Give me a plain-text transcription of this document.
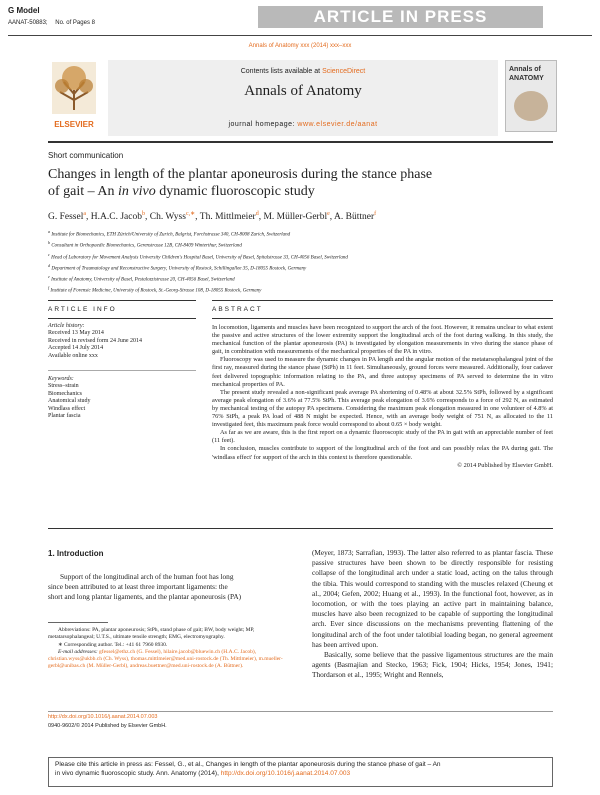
G Model
AANAT-50883; No. of Pages 8	ARTICLE IN PRESS
Annals of Anatomy xxx (2014) xxx–xxx
ELSEVIER
Contents lists available at ScienceDirect
Annals of Anatomy
journal homepage: www.elsevier.de/aanat
Annals of ANATOMY
Short communication
Changes in length of the plantar aponeurosis during the stance phase
of gait – An in vivo dynamic fluoroscopic study
G. Fessel$^a$, H.A.C. Jacob$^b$, Ch. Wyss$^{c,∗}$, Th. Mittlmeier$^d$, M. Müller-Gerbl$^e$, A. Büttner$^f$
$^a$ Institute for Biomechanics, ETH Zürich/University of Zurich, Balgrist, Forchstrasse 340, CH-8008 Zurich, Switzerland
$^b$ Consultant in Orthopaedic Biomechanics, Gerenstrasse 12B, CH-8409 Winterthur, Switzerland
$^c$ Head of Laboratory for Movement Analysis University Children's Hospital Basel, University of Basel, Spitalstrasse 33, CH-4056 Basel, Switzerland
$^d$ Department of Traumatology and Reconstructive Surgery, University of Rostock, Schillingallee 35, D-18055 Rostock, Germany
$^e$ Institute of Anatomy, University of Basel, Pestalozzistrasse 20, CH-4056 Basel, Switzerland
$^f$ Institute of Forensic Medicine, University of Rostock, St.-Georg-Strasse 108, D-18055 Rostock, Germany
ARTICLE INFO	ABSTRACT
Article history:
Received 13 May 2014
Received in revised form 24 June 2014
Accepted 14 July 2014
Available online xxx
Keywords:
Stress–strain
Biomechanics
Anatomical study
Windlass effect
Plantar fascia

In locomotion, ligaments and muscles have been recognized to support the arch of the foot. However, it remains unclear to what extent the passive and active structures of the lower extremity support the longitudinal arch of the foot during walking. In this study, the mechanical function of the plantar aponeurosis (PA) is investigated by elongation measurements in vivo during the stance phase of gait, in combination with measurements of the mechanical properties of the PA in vitro.

Fluoroscopy was used to measure the dynamic changes in PA length and the angular motion of the metatarsophalangeal joint of the first ray, measured during the stance phase (StPh) in 11 feet. Simultaneously, ground forces were measured. Additionally, four cadaver feet delivered topographic information relating to the PA, and three autopsy specimens of PA served to determine the in vitro mechanical properties of PA.

The present study revealed a non-significant peak average PA shortening of 0.48% at about 32.5% StPh, followed by a significant average peak elongation of 3.6% at 77.5% StPh. This average peak elongation of 3.6% corresponds to a force of 292 N, as estimated by mechanical testing of the autopsy PA specimens. Considering the maximum peak elongation measured in one volunteer of 4.8% at 76% StPh, a peak PA load of 488 N might be expected. Hence, with an average body weight of 751 N, as allocated to the 11 investigated feet, this maximum peak force would correspond to about 0.65 × body weight.

As far as we are aware, this is the first report on a dynamic fluoroscopic study of the PA in gait with an appreciable number of feet (11 feet).

In conclusion, muscles contribute to support of the longitudinal arch of the foot and can possibly relax the PA during gait. The 'windlass effect' for support of the arch in this context is therefore questionable.

© 2014 Published by Elsevier GmbH.

1. Introduction
Support of the longitudinal arch of the human foot has long
since been attributed to at least three important ligaments: the
short and long plantar ligaments, and the plantar aponeurosis (PA)
(Meyer, 1873; Sarrafian, 1993). The latter also referred to as plantar fascia. These passive structures have been shown to be directly responsible for resisting collapse of the longitudinal arch under a static load, acting on the talus through the tibia. This would correspond to standing with the muscles relaxed (Cheung et al., 2004; Gefen, 2002; Huang et al., 1993). In the functional foot, however, as in locomotion, or with the toes playing an active part in maintaining balance, muscles have also been recognized to be capable of supporting the longitudinal arch. Ever since discussions on the mechanisms preventing flattening of the longitudinal arch of the foot under talotibial loading began, no general agreement has been arrived upon.
Basically, some believe that the passive ligamentous structures are the main agents (Basmajian and Stecko, 1963; Fick, 1904; Hicks, 1954; Jones, 1941; Thordarson et al., 1995; Wright and Rennels,
Abbreviations: PA, plantar aponeurosis; StPh, stand phase of gait; BW, body weight; MP, metatarsophalangeal; U.T.S., ultimate tensile strength; EMG, electromyography.
∗ Corresponding author. Tel.: +41 61 7960 8930.
E-mail addresses: gfessel@ethz.ch (G. Fessel), hilaire.jacob@bluewin.ch (H.A.C. Jacob), christian.wyss@ukbb.ch (Ch. Wyss), thomas.mittlmeier@med.uni-rostock.de (Th. Mittlmeier), m.mueller-gerbl@unibas.ch (M. Müller-Gerbl), andreas.buettner@med.uni-rostock.de (A. Büttner).
http://dx.doi.org/10.1016/j.aanat.2014.07.003
0940-9602/© 2014 Published by Elsevier GmbH.
Please cite this article in press as: Fessel, G., et al., Changes in length of the plantar aponeurosis during the stance phase of gait – An
in vivo dynamic fluoroscopic study. Ann. Anatomy (2014), http://dx.doi.org/10.1016/j.aanat.2014.07.003
